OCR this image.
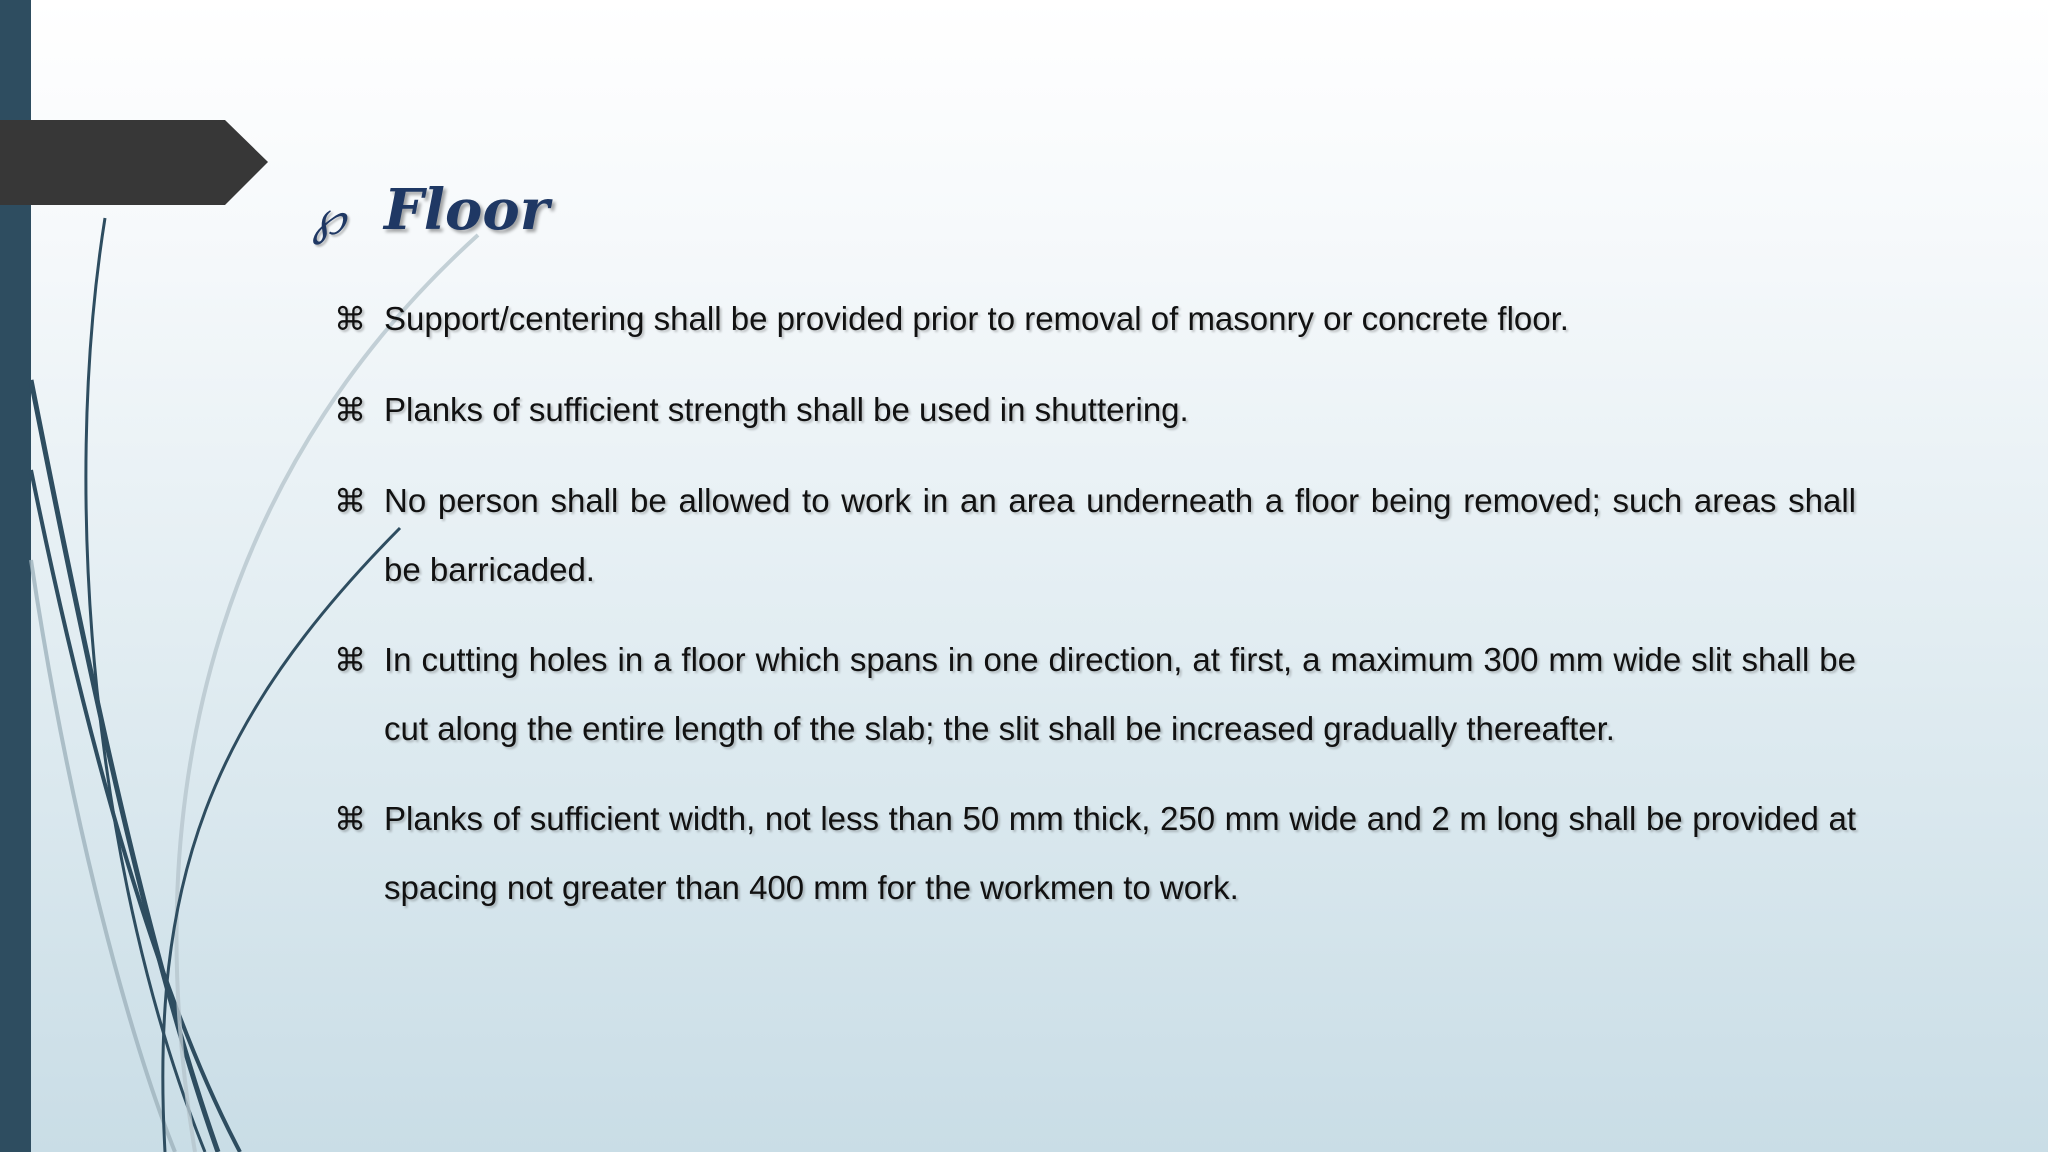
℘ Floor
⌘ Support/centering shall be provided prior to removal of masonry or concrete floor.
⌘ Planks of sufficient strength shall be used in shuttering.
⌘ No person shall be allowed to work in an area underneath a floor being removed; such areas shall be barricaded.
⌘ In cutting holes in a floor which spans in one direction, at first, a maximum 300 mm wide slit shall be cut along the entire length of the slab; the slit shall be increased gradually thereafter.
⌘ Planks of sufficient width, not less than 50 mm thick, 250 mm wide and 2 m long shall be provided at spacing not greater than 400 mm for the workmen to work.
